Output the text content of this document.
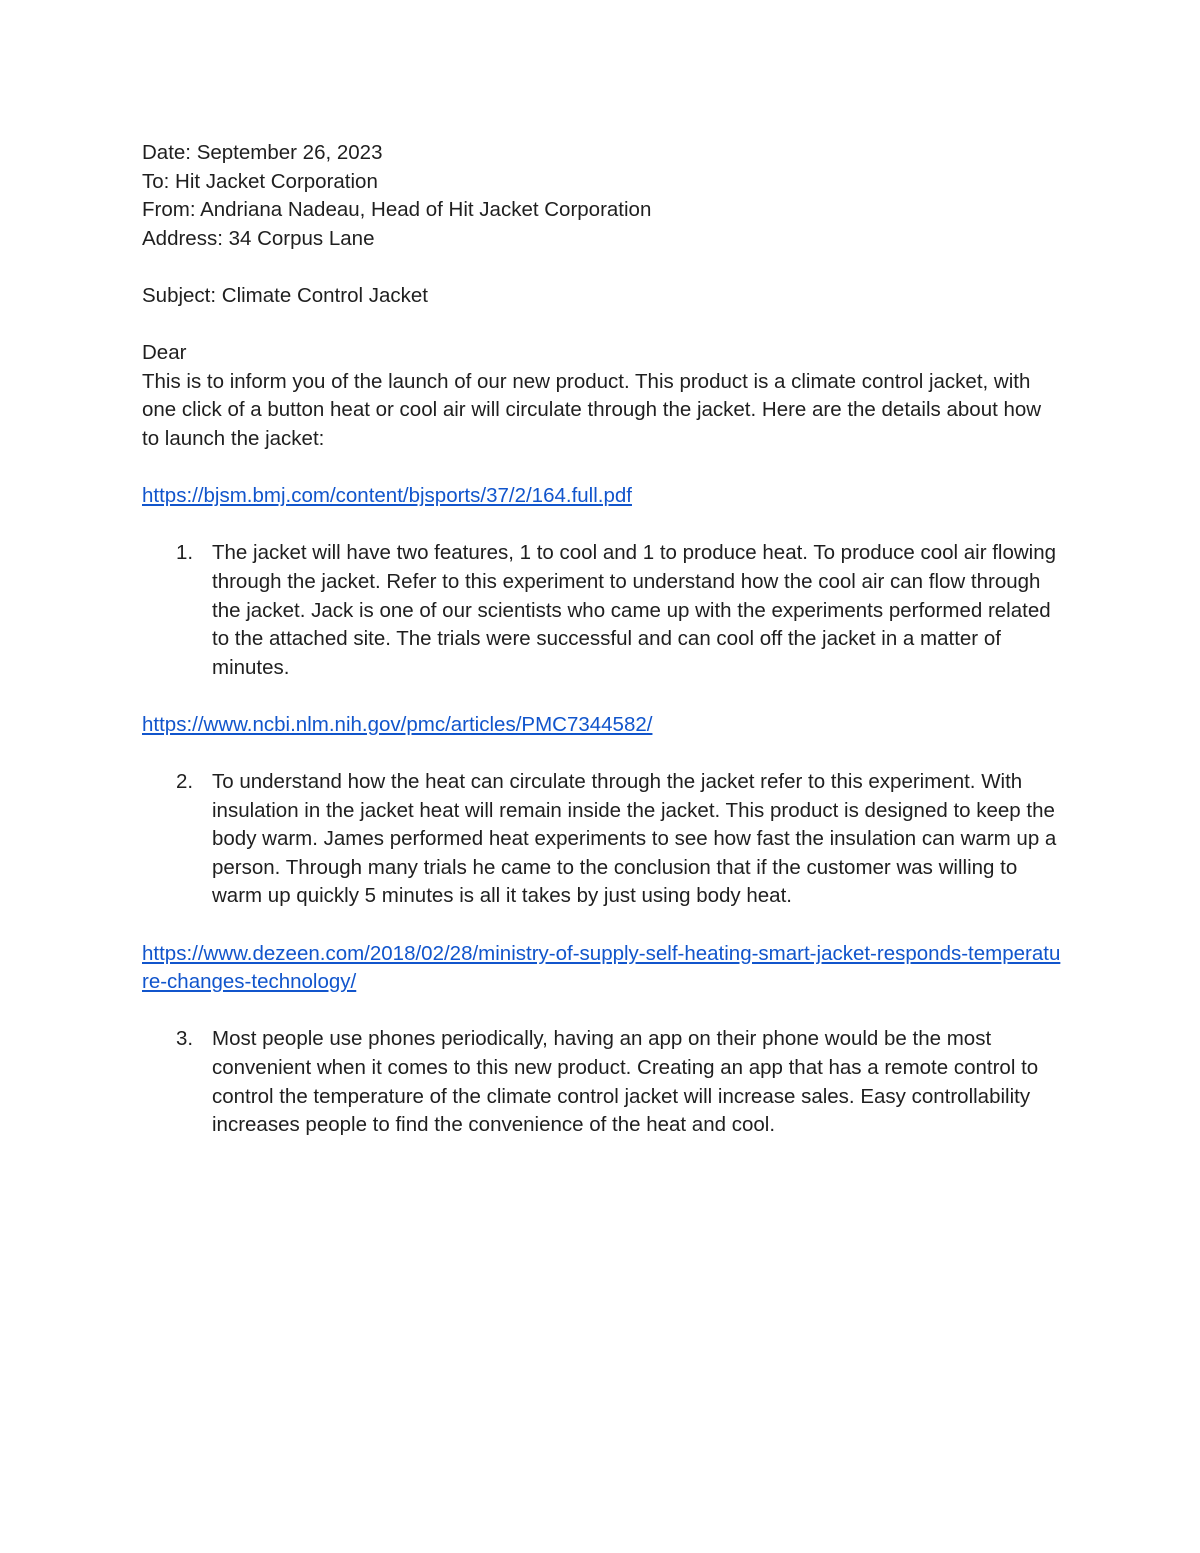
Date: September 26, 2023

To: Hit Jacket Corporation

From: Andriana Nadeau, Head of Hit Jacket Corporation

Address: 34 Corpus Lane

Subject: Climate Control Jacket

Dear

This is to inform you of the launch of our new product. This product is a climate control jacket, with one click of a button heat or cool air will circulate through the jacket. Here are the details about how to launch the jacket:

https://bjsm.bmj.com/content/bjsports/37/2/164.full.pdf
1. The jacket will have two features, 1 to cool and 1 to produce heat. To produce cool air flowing through the jacket. Refer to this experiment to understand how the cool air can flow through the jacket. Jack is one of our scientists who came up with the experiments performed related to the attached site. The trials were successful and can cool off the jacket in a matter of minutes.
https://www.ncbi.nlm.nih.gov/pmc/articles/PMC7344582/
2. To understand how the heat can circulate through the jacket refer to this experiment. With insulation in the jacket heat will remain inside the jacket. This product is designed to keep the body warm. James performed heat experiments to see how fast the insulation can warm up a person. Through many trials he came to the conclusion that if the customer was willing to warm up quickly 5 minutes is all it takes by just using body heat.
https://www.dezeen.com/2018/02/28/ministry-of-supply-self-heating-smart-jacket-responds-temperature-changes-technology/
3. Most people use phones periodically, having an app on their phone would be the most convenient when it comes to this new product. Creating an app that has a remote control to control the temperature of the climate control jacket will increase sales. Easy controllability increases people to find the convenience of the heat and cool.
